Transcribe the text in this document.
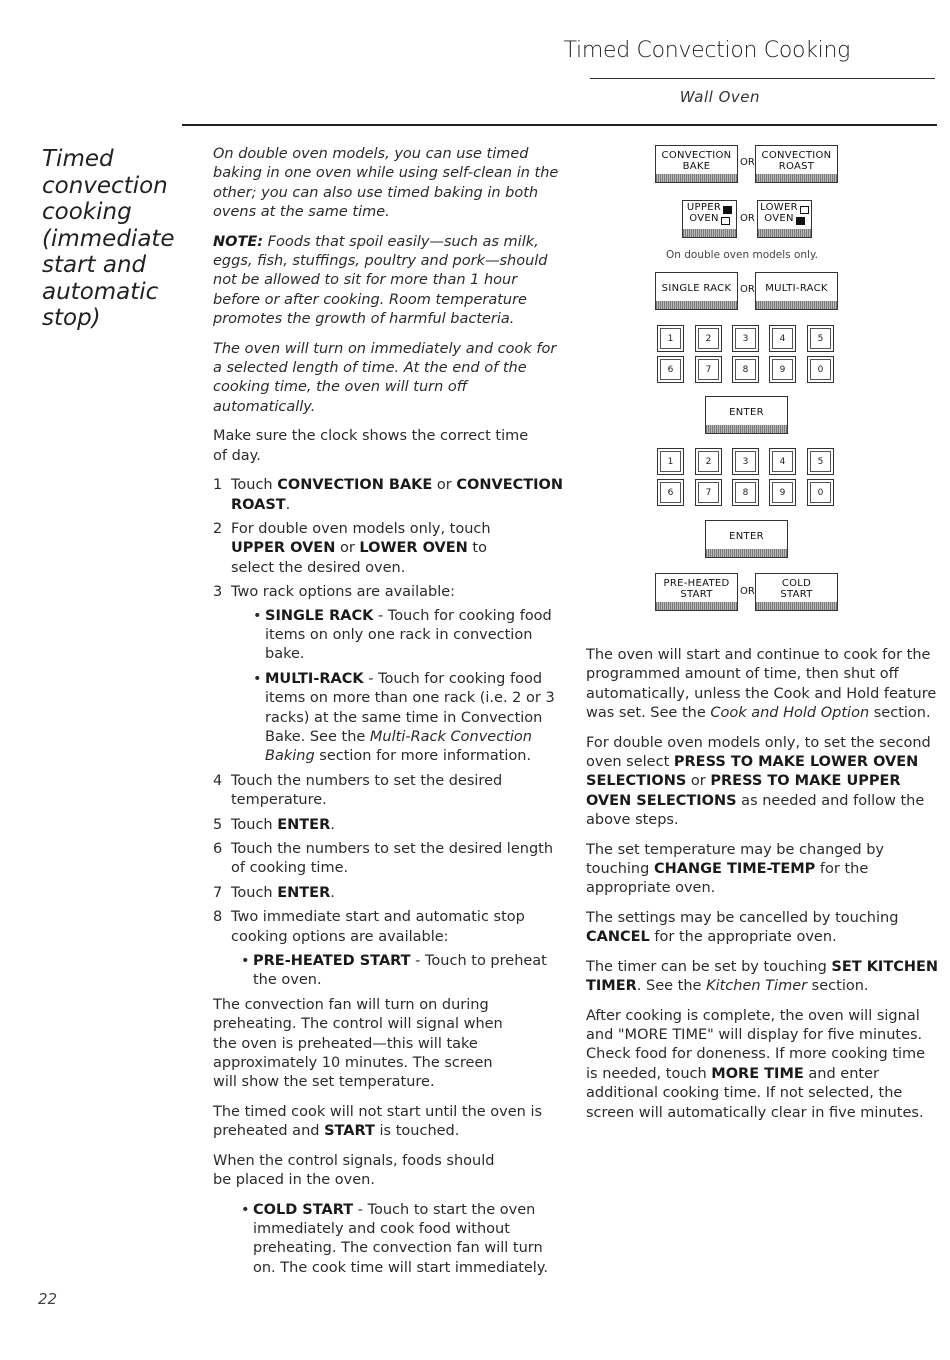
Timed Convection Cooking
Wall Oven
Timed convection cooking (immediate start and automatic stop)

On double oven models, you can use timed baking in one oven while using self-clean in the other; you can also use timed baking in both ovens at the same time.

NOTE: Foods that spoil easily—such as milk, eggs, fish, stuffings, poultry and pork—should not be allowed to sit for more than 1 hour before or after cooking. Room temperature promotes the growth of harmful bacteria.

The oven will turn on immediately and cook for a selected length of time. At the end of the cooking time, the oven will turn off automatically.

Make sure the clock shows the correct time of day.

1 Touch CONVECTION BAKE or CONVECTION ROAST.
2 For double oven models only, touch UPPER OVEN or LOWER OVEN to select the desired oven.
3 Two rack options are available:
• SINGLE RACK - Touch for cooking food items on only one rack in convection bake.
• MULTI-RACK - Touch for cooking food items on more than one rack (i.e. 2 or 3 racks) at the same time in Convection Bake. See the Multi-Rack Convection Baking section for more information.
4 Touch the numbers to set the desired temperature.
5 Touch ENTER.
6 Touch the numbers to set the desired length of cooking time.
7 Touch ENTER.
8 Two immediate start and automatic stop cooking options are available:
• PRE-HEATED START - Touch to preheat the oven.

The convection fan will turn on during preheating. The control will signal when the oven is preheated—this will take approximately 10 minutes. The screen will show the set temperature.

The timed cook will not start until the oven is preheated and START is touched.

When the control signals, foods should be placed in the oven.

• COLD START - Touch to start the oven immediately and cook food without preheating. The convection fan will turn on. The cook time will start immediately.
CONVECTION
BAKE	OR
CONVECTION
ROAST
UPPER
OVEN	OR
LOWER
OVEN
On double oven models only.
SINGLE RACK OR MULTI-RACK
1	2	3	4	5
6	7	8	9	0
ENTER
1	2	3	4	5
6	7	8	9	0
ENTER
PRE-HEATED
START	OR
COLD
START

The oven will start and continue to cook for the programmed amount of time, then shut off automatically, unless the Cook and Hold feature was set. See the Cook and Hold Option section.

For double oven models only, to set the second oven select PRESS TO MAKE LOWER OVEN SELECTIONS or PRESS TO MAKE UPPER OVEN SELECTIONS as needed and follow the above steps.

The set temperature may be changed by touching CHANGE TIME-TEMP for the appropriate oven.

The settings may be cancelled by touching CANCEL for the appropriate oven.

The timer can be set by touching SET KITCHEN TIMER. See the Kitchen Timer section.

After cooking is complete, the oven will signal and "MORE TIME" will display for five minutes. Check food for doneness. If more cooking time is needed, touch MORE TIME and enter additional cooking time. If not selected, the screen will automatically clear in five minutes.

22
